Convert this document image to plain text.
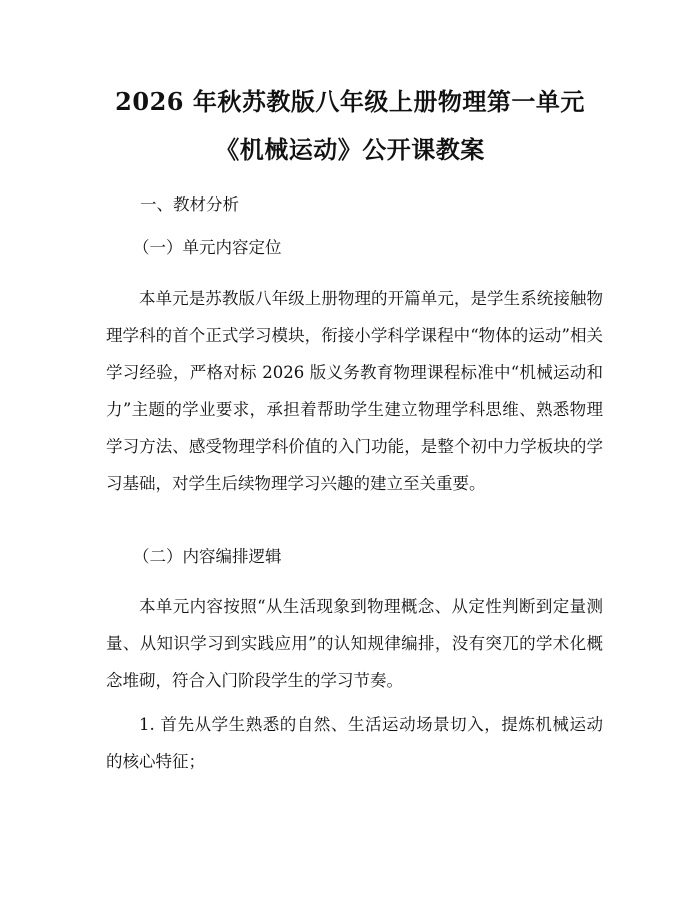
2026 年秋苏教版八年级上册物理第一单元
《机械运动》公开课教案
一、教材分析
（一）单元内容定位
本单元是苏教版八年级上册物理的开篇单元，是学生系统接触物理学科的首个正式学习模块，衔接小学科学课程中“物体的运动”相关学习经验，严格对标 2026 版义务教育物理课程标准中“机械运动和力”主题的学业要求，承担着帮助学生建立物理学科思维、熟悉物理学习方法、感受物理学科价值的入门功能，是整个初中力学板块的学习基础，对学生后续物理学习兴趣的建立至关重要。
（二）内容编排逻辑
本单元内容按照“从生活现象到物理概念、从定性判断到定量测量、从知识学习到实践应用”的认知规律编排，没有突兀的学术化概念堆砌，符合入门阶段学生的学习节奏。
1. 首先从学生熟悉的自然、生活运动场景切入，提炼机械运动的核心特征；
